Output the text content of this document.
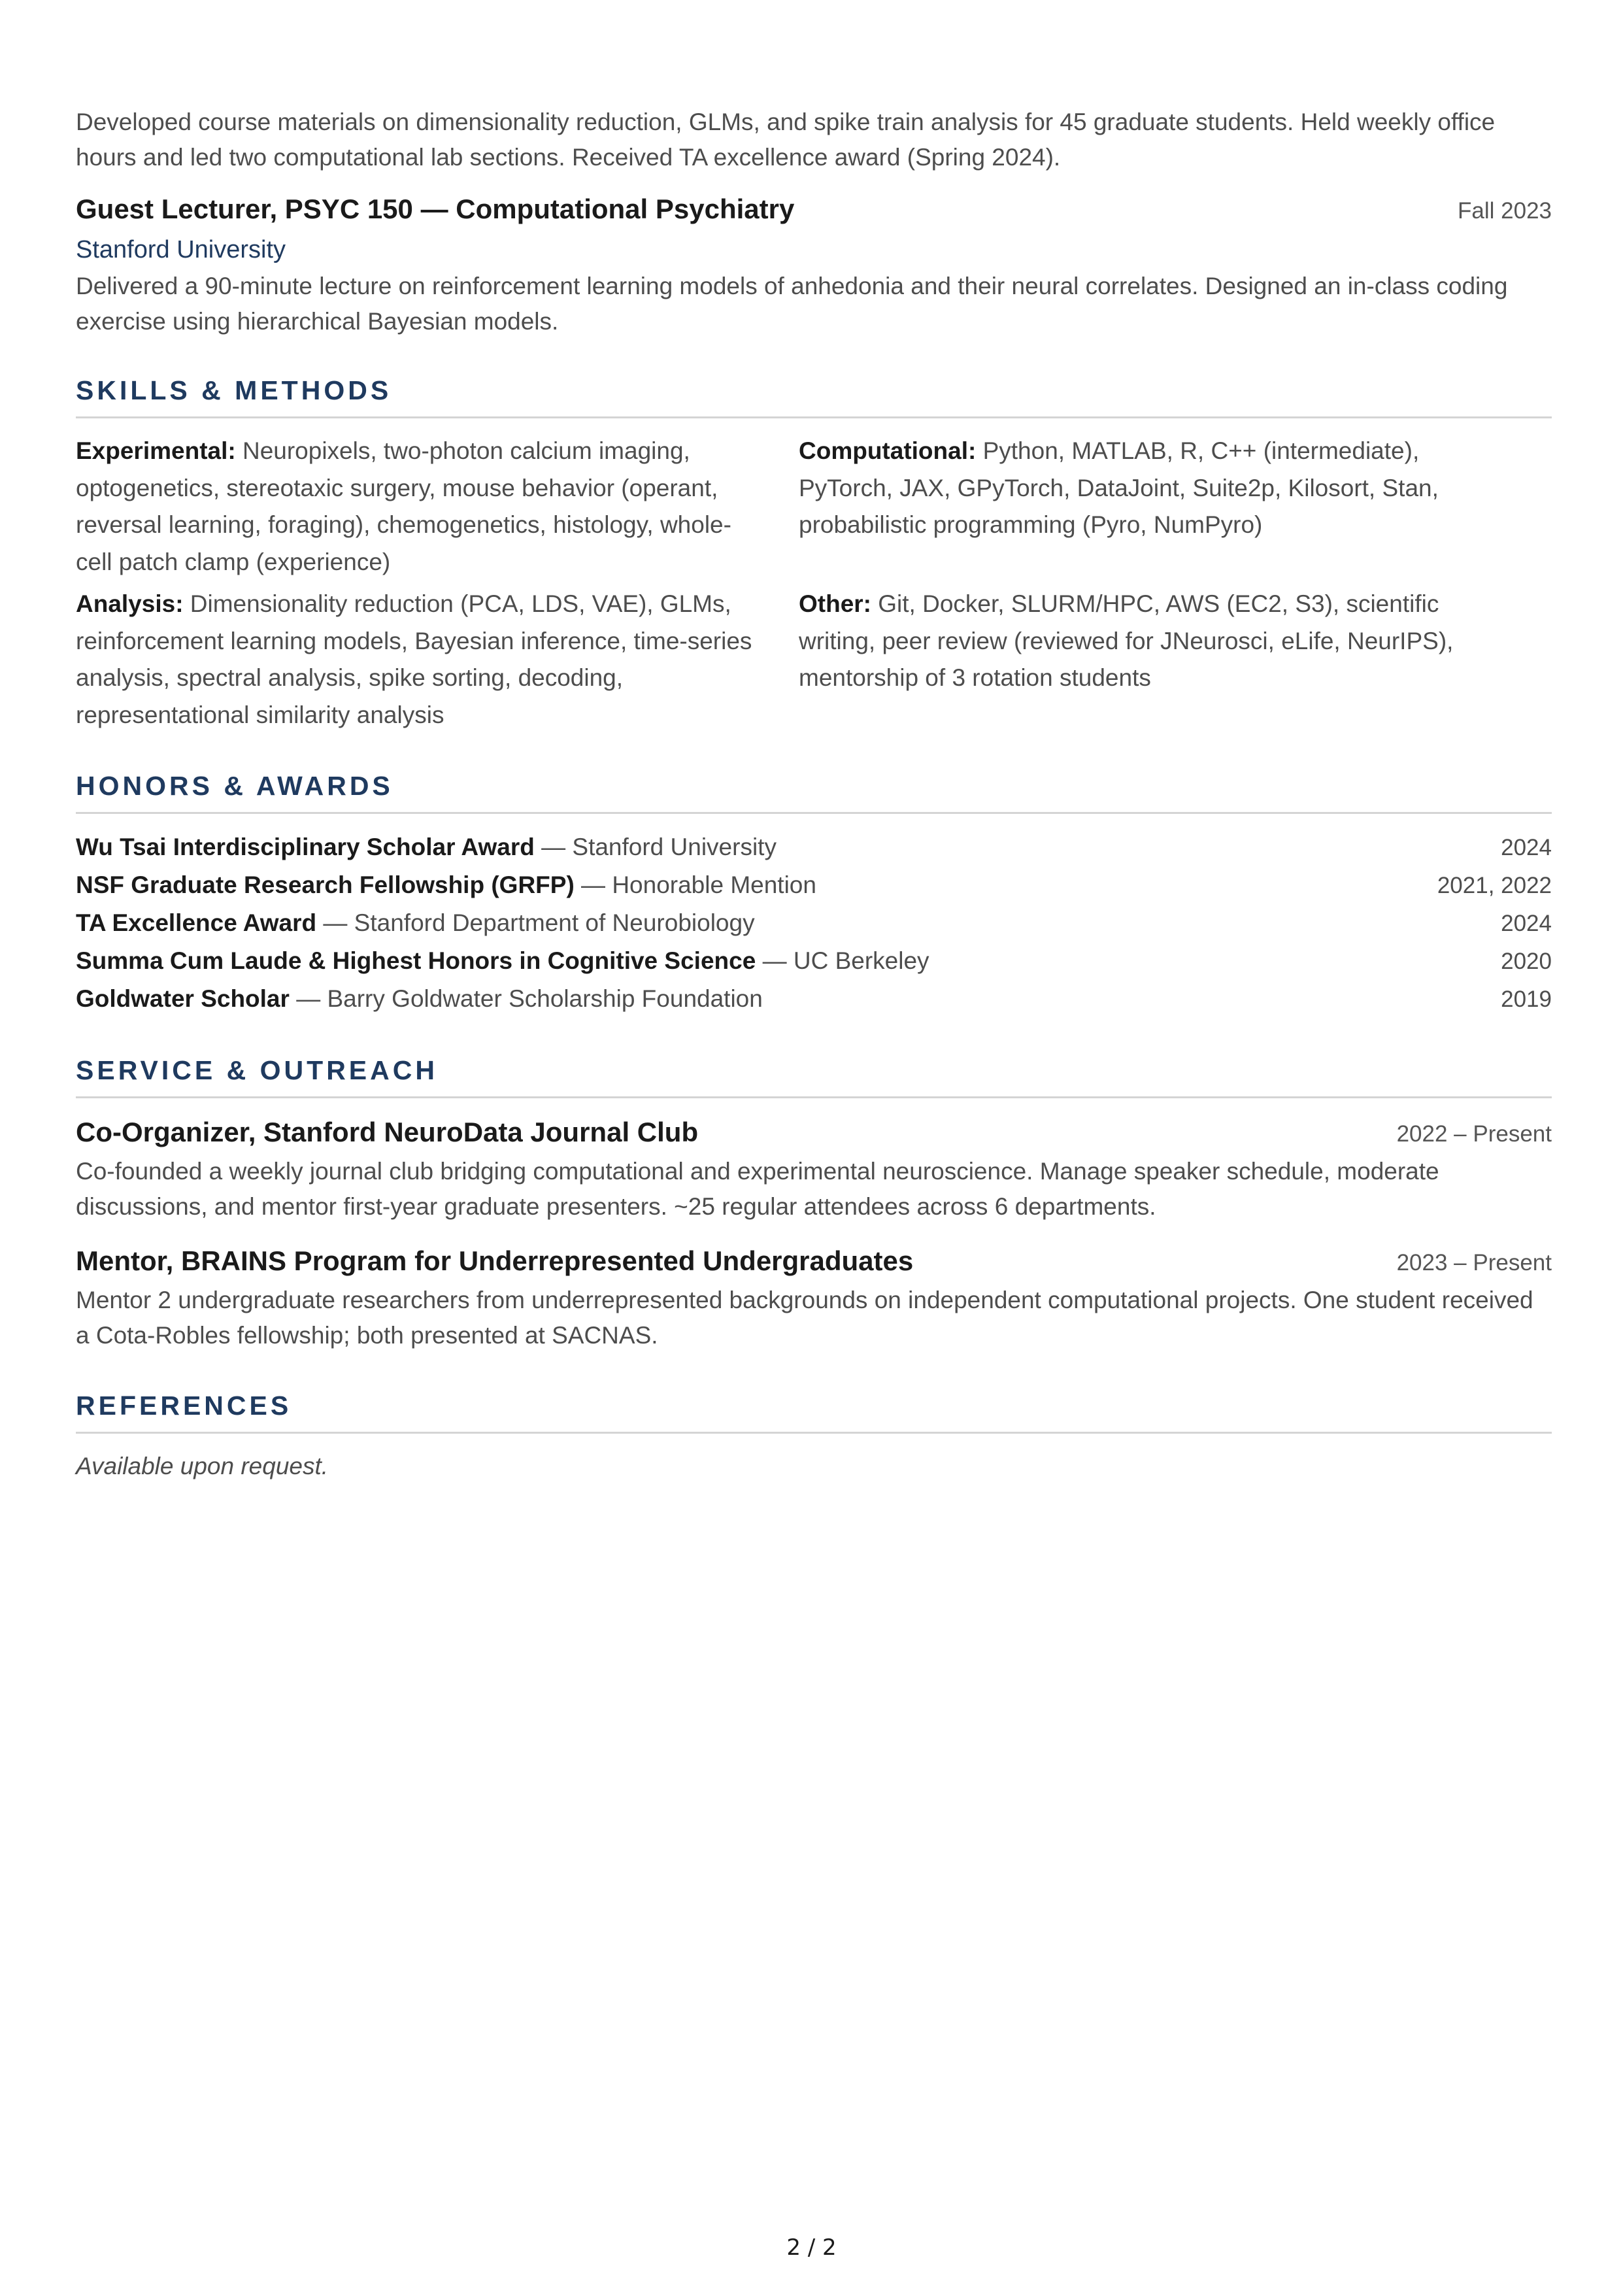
Developed course materials on dimensionality reduction, GLMs, and spike train analysis for 45 graduate students. Held weekly office hours and led two computational lab sections. Received TA excellence award (Spring 2024).

Guest Lecturer, PSYC 150 — Computational Psychiatry	Fall 2023
Stanford University

Delivered a 90-minute lecture on reinforcement learning models of anhedonia and their neural correlates. Designed an in-class coding exercise using hierarchical Bayesian models.

SKILLS & METHODS
Experimental: Neuropixels, two-photon calcium imaging, optogenetics, stereotaxic surgery, mouse behavior (operant, reversal learning, foraging), chemogenetics, histology, whole-cell patch clamp (experience)
Computational: Python, MATLAB, R, C++ (intermediate), PyTorch, JAX, GPyTorch, DataJoint, Suite2p, Kilosort, Stan, probabilistic programming (Pyro, NumPyro)
Analysis: Dimensionality reduction (PCA, LDS, VAE), GLMs, reinforcement learning models, Bayesian inference, time-series analysis, spectral analysis, spike sorting, decoding, representational similarity analysis
Other: Git, Docker, SLURM/HPC, AWS (EC2, S3), scientific writing, peer review (reviewed for JNeurosci, eLife, NeurIPS), mentorship of 3 rotation students
HONORS & AWARDS
Wu Tsai Interdisciplinary Scholar Award — Stanford University	2024
NSF Graduate Research Fellowship (GRFP) — Honorable Mention	2021, 2022
TA Excellence Award — Stanford Department of Neurobiology	2024
Summa Cum Laude & Highest Honors in Cognitive Science — UC Berkeley	2020
Goldwater Scholar — Barry Goldwater Scholarship Foundation	2019
SERVICE & OUTREACH
Co-Organizer, Stanford NeuroData Journal Club	2022 – Present

Co-founded a weekly journal club bridging computational and experimental neuroscience. Manage speaker schedule, moderate discussions, and mentor first-year graduate presenters. ~25 regular attendees across 6 departments.

Mentor, BRAINS Program for Underrepresented Undergraduates	2023 – Present

Mentor 2 undergraduate researchers from underrepresented backgrounds on independent computational projects. One student received a Cota-Robles fellowship; both presented at SACNAS.

REFERENCES
Available upon request.
2 / 2
